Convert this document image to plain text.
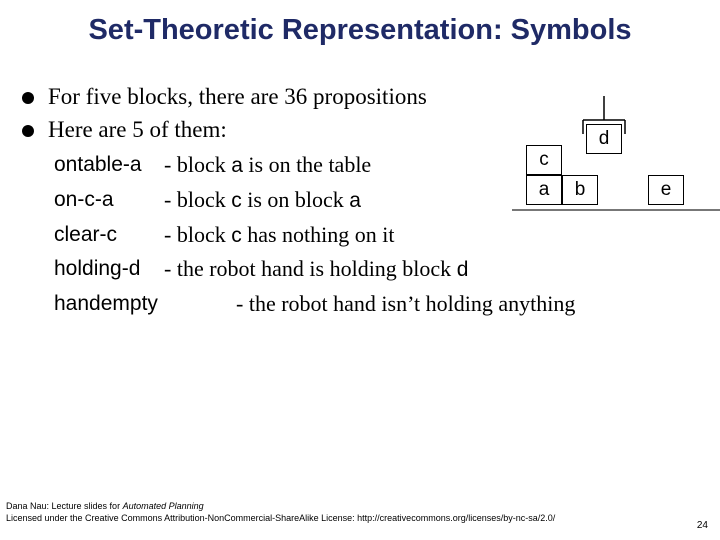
Set-Theoretic Representation: Symbols
For five blocks, there are 36 propositions
Here are 5 of them:
ontable-a - block a is on the table
on-c-a - block c is on block a
clear-c - block c has nothing on it
holding-d - the robot hand is holding block d
handempty	- the robot hand isn’t holding anything
d
c
a	b	e
Dana Nau: Lecture slides for Automated Planning
Licensed under the Creative Commons Attribution-NonCommercial-ShareAlike License: http://creativecommons.org/licenses/by-nc-sa/2.0/
24
